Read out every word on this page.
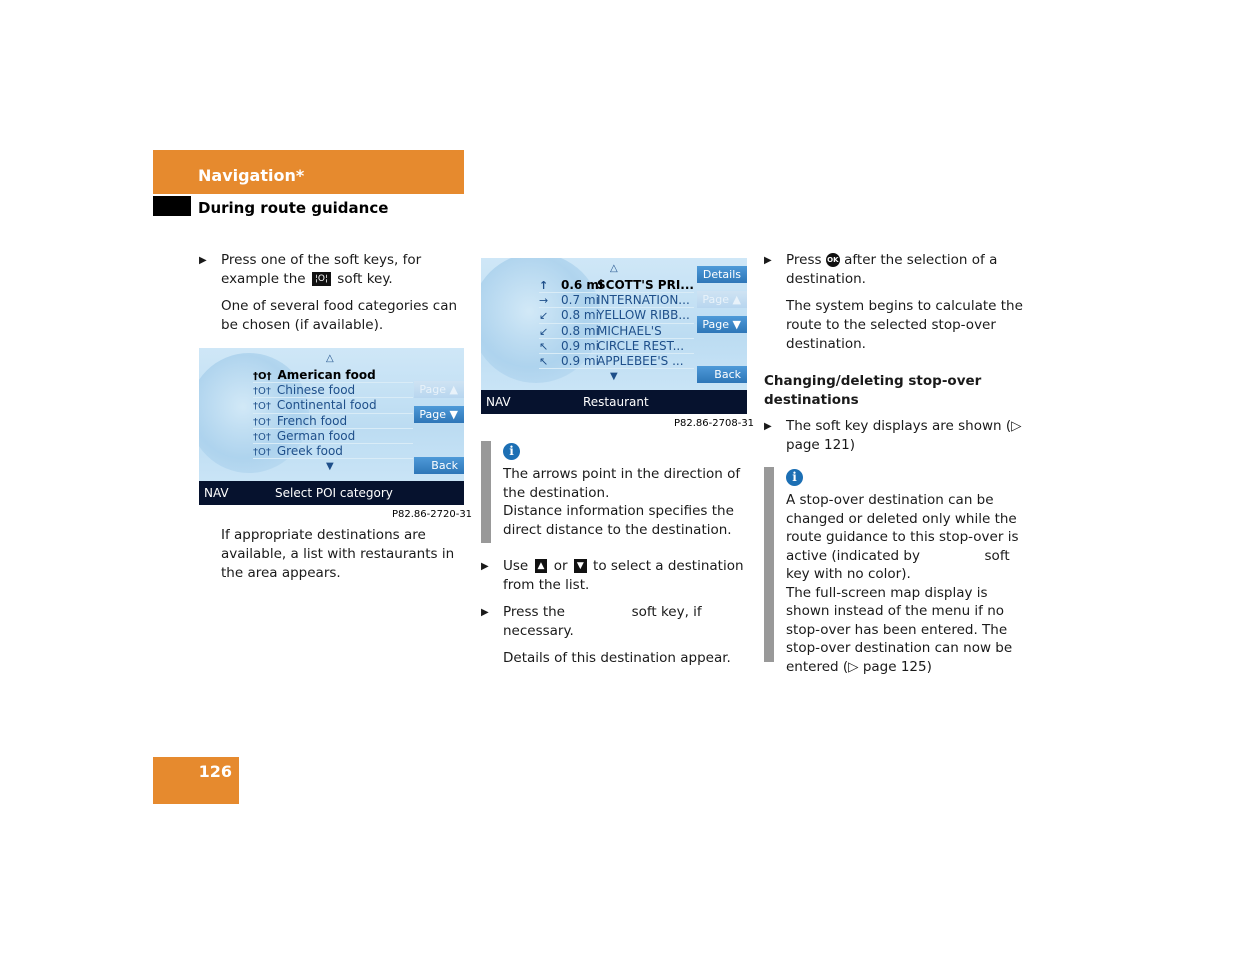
Navigation*
During route guidance
▶ Press one of the soft keys, for example the ¦O¦ soft key.
One of several food categories can be chosen (if available).
△
†O† American food
†O† Chinese food
†O† Continental food
†O† French food
†O† German food
†O† Greek food
▼
Page ▲
Page ▼
Back
NAV	Select POI category
P82.86-2720-31
If appropriate destinations are available, a list with restaurants in the area appears.
△
↑ 0.6 miSCOTT'S PRI...
→ 0.7 miINTERNATION...
↙ 0.8 miYELLOW RIBB...
↙ 0.8 miMICHAEL'S
↖ 0.9 miCIRCLE REST...
↖ 0.9 miAPPLEBEE'S ...
▼
Details
Page ▲
Page ▼
Back
NAV	Restaurant
P82.86-2708-31
i
The arrows point in the direction of the destination.
Distance information specifies the direct distance to the destination.
▶ Use ▲ or ▼ to select a destination from the list.
▶ Press the	soft key, if necessary.
Details of this destination appear.
▶ Press OK after the selection of a destination.
The system begins to calculate the route to the selected stop-over destination.
Changing/deleting stop-over destinations
▶ The soft key displays are shown (▷ page 121)
i
A stop-over destination can be changed or deleted only while the route guidance to this stop-over is active (indicated by	soft key with no color).
The full-screen map display is shown instead of the menu if no stop-over has been entered. The stop-over destination can now be entered (▷ page 125)
126
